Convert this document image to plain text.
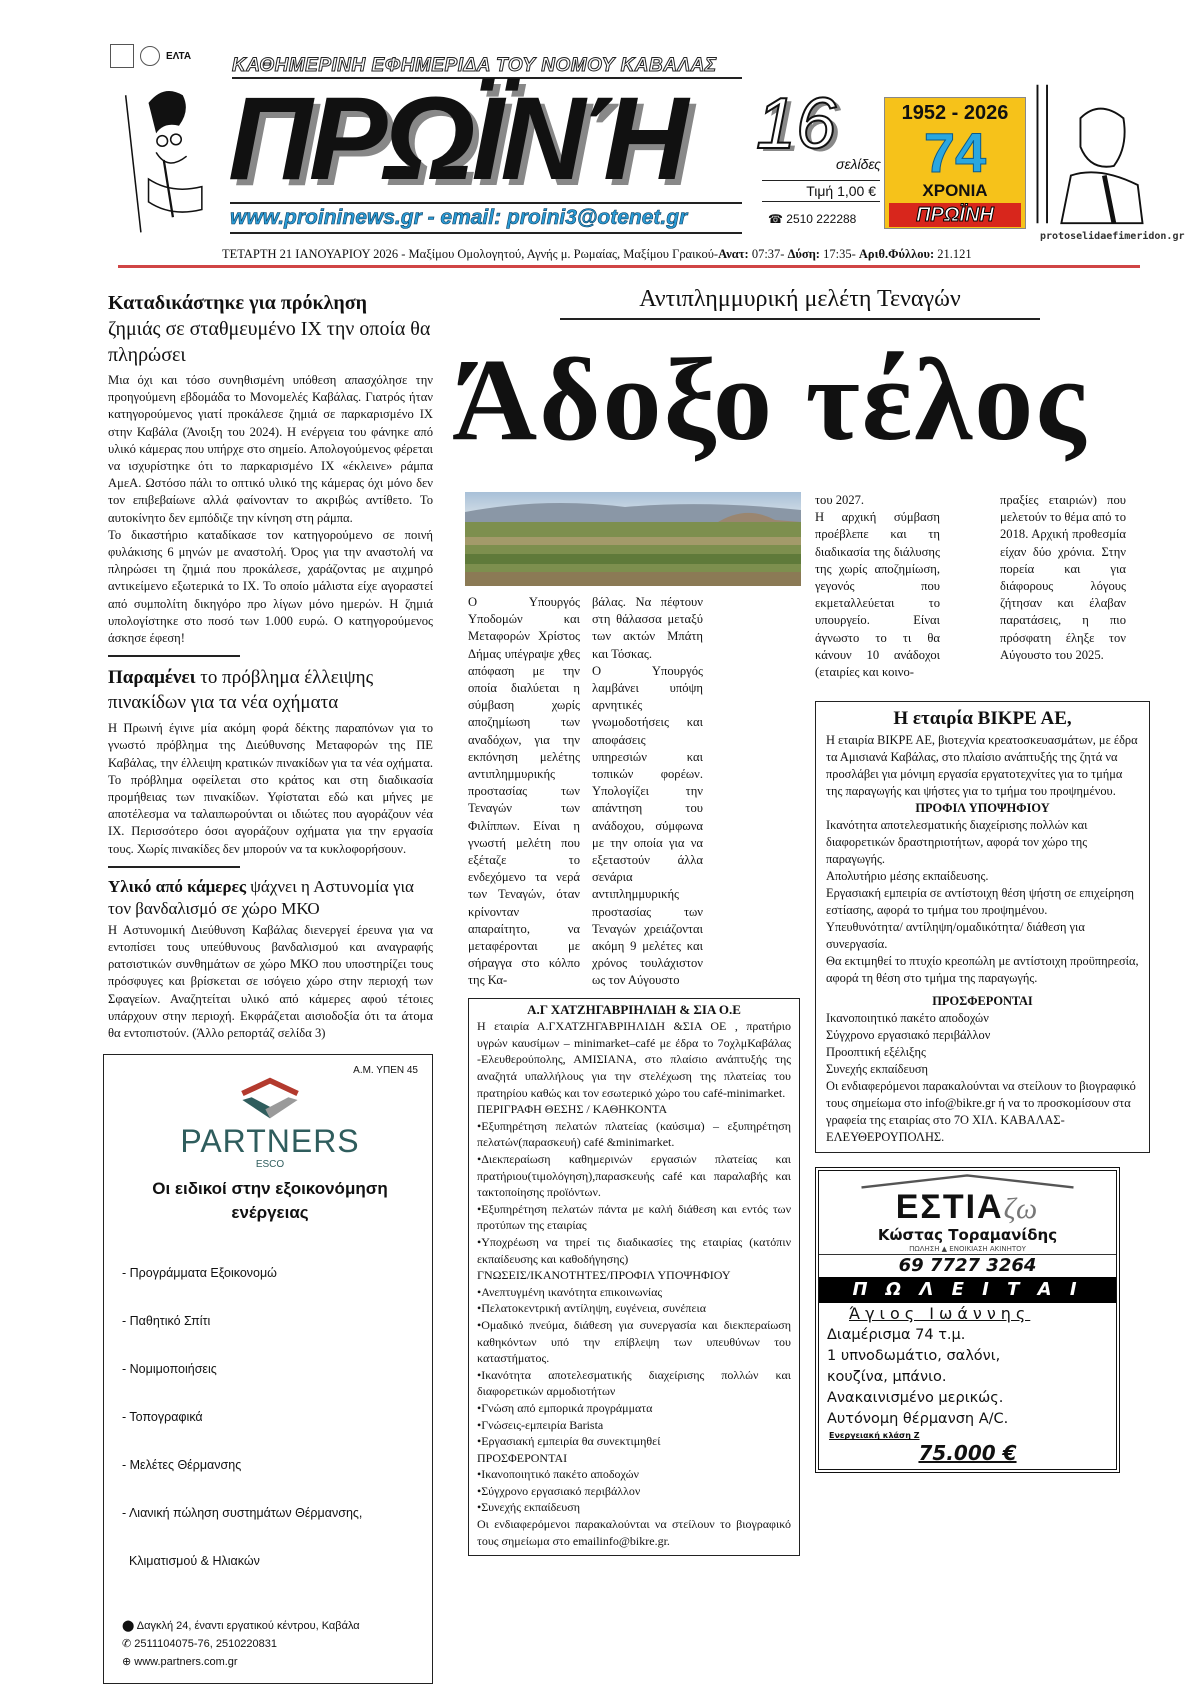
ΕΛΤΑ ΚΑΘΗΜΕΡΙΝΗ ΕΦΗΜΕΡΙΔΑ ΤΟΥ ΝΟΜΟΥ ΚΑΒΑΛΑΣ
ΠΡΩΪΝΉ
www.proininews.gr - email: proini3@otenet.gr
16 σελίδες
Τιμή 1,00 €
☎ 2510 222288
1952 - 2026
74
ΧΡΟΝΙΑ
ΠΡΩΪΝΗ
ΤΕΤΑΡΤΗ 21 ΙΑΝΟΥΑΡΙΟΥ 2026 - Μαξίμου Ομολογητού, Αγνής μ. Ρωμαίας, Μαξίμου Γραικού-Ανατ: 07:37- Δύση: 17:35- Αριθ.Φύλλου: 21.121
protoselidaefimeridon.gr
Καταδικάστηκε για πρόκληση
ζημιάς σε σταθμευμένο ΙΧ την οποία θα πληρώσει

Μια όχι και τόσο συνηθισμένη υπόθεση απασχόλησε την προηγούμενη εβδομάδα το Μονομελές Καβάλας. Γιατρός ήταν κατηγορούμενος γιατί προκάλεσε ζημιά σε παρκαρισμένο ΙΧ στην Καβάλα (Άνοιξη του 2024). Η ενέργεια του φάνηκε από υλικό κάμερας που υπήρχε στο σημείο. Απολογούμενος φέρεται να ισχυρίστηκε ότι το παρκαρισμένο ΙΧ «έκλεινε» ράμπα ΑμεΑ. Ωστόσο πάλι το οπτικό υλικό της κάμερας όχι μόνο δεν τον επιβεβαίωνε αλλά φαίνονταν το ακριβώς αντίθετο. Το αυτοκίνητο δεν εμπόδιζε την κίνηση στη ράμπα.

Το δικαστήριο καταδίκασε τον κατηγορούμενο σε ποινή φυλάκισης 6 μηνών με αναστολή. Όρος για την αναστολή να πληρώσει τη ζημιά που προκάλεσε, χαράζοντας με αιχμηρό αντικείμενο εξωτερικά το ΙΧ. Το οποίο μάλιστα είχε αγοραστεί από συμπολίτη δικηγόρο προ λίγων μόνο ημερών. Η ζημιά υπολογίστηκε στο ποσό των 1.000 ευρώ. Ο κατηγορούμενος άσκησε έφεση!

Παραμένει το πρόβλημα έλλειψης πινακίδων για τα νέα οχήματα

Η Πρωινή έγινε μία ακόμη φορά δέκτης παραπόνων για το γνωστό πρόβλημα της Διεύθυνσης Μεταφορών της ΠΕ Καβάλας, την έλλειψη κρατικών πινακίδων για τα νέα οχήματα. Το πρόβλημα οφείλεται στο κράτος και στη διαδικασία προμήθειας των πινακίδων. Υφίσταται εδώ και μήνες με αποτέλεσμα να ταλαιπωρούνται οι ιδιώτες που αγοράζουν νέα ΙΧ. Περισσότερο όσοι αγοράζουν οχήματα για την εργασία τους. Χωρίς πινακίδες δεν μπορούν να τα κυκλοφορήσουν.

Υλικό από κάμερες ψάχνει η Αστυνομία για τον βανδαλισμό σε χώρο ΜΚΟ

Η Αστυνομική Διεύθυνση Καβάλας διενεργεί έρευνα για να εντοπίσει τους υπεύθυνους βανδαλισμού και αναγραφής ρατσιστικών συνθημάτων σε χώρο ΜΚΟ που υποστηρίζει τους πρόσφυγες και βρίσκεται σε ισόγειο χώρο στην περιοχή των Σφαγείων. Αναζητείται υλικό από κάμερες αφού τέτοιες υπάρχουν στην περιοχή. Εκφράζεται αισιοδοξία ότι τα άτομα θα εντοπιστούν. (Άλλο ρεπορτάζ σελίδα 3)

Α.Μ. ΥΠΕΝ 45
PARTNERS
ESCO
Οι ειδικοί στην εξοικονόμηση ενέργειας

- Προγράμματα Εξοικονομώ

- Παθητικό Σπίτι

- Νομιμοποιήσεις

- Τοπογραφικά

- Μελέτες Θέρμανσης

- Λιανική πώληση συστημάτων Θέρμανσης,

Κλιματισμού & Ηλιακών

⬤ Δαγκλή 24, έναντι εργατικού κέντρου, Καβάλα
✆ 2511104075-76, 2510220831
⊕ www.partners.com.gr
Αντιπλημμυρική μελέτη Τεναγών
Άδοξο τέλος
Ο Υπουργός Υποδομών και Μεταφορών Χρίστος Δήμας υπέγραψε χθες απόφαση με την οποία διαλύεται η σύμβαση χωρίς αποζημίωση των αναδόχων, για την εκπόνηση μελέτης αντιπλημμυρικής προστασίας των Τεναγών των Φιλίππων. Είναι η γνωστή μελέτη που εξέταζε το ενδεχόμενο τα νερά των Τεναγών, όταν κρίνονταν απαραίτητο, να μεταφέρονται με σήραγγα στο κόλπο της Κα-

βάλας. Να πέφτουν στη θάλασσα μεταξύ των ακτών Μπάτη και Τόσκας.

Ο Υπουργός λαμβάνει υπόψη αρνητικές γνωμοδοτήσεις και αποφάσεις υπηρεσιών και τοπικών φορέων. Υπολογίζει την απάντηση του ανάδοχου, σύμφωνα με την οποία για να εξεταστούν άλλα σενάρια αντιπλημμυρικής προστασίας των Τεναγών χρειάζονται ακόμη 9 μελέτες και χρόνος τουλάχιστον ως τον Αύγουστο

Α.Γ ΧΑΤΖΗΓΑΒΡΙΗΛΙΔΗ & ΣΙΑ Ο.Ε
Η εταιρία Α.ΓΧΑΤΖΗΓΑΒΡΙΗΛΙΔΗ &ΣΙΑ ΟΕ , πρατήριο υγρών καυσίμων – minimarket–café με έδρα το 7οχλμΚαβάλας -Ελευθερούπολης, ΑΜΙΣΙΑΝΑ, στο πλαίσιο ανάπτυξής της αναζητά υπαλλήλους για την στελέχωση της πλατείας του πρατηρίου καθώς και τον εσωτερικό χώρο του café-minimarket.
ΠΕΡΙΓΡΑΦΗ ΘΕΣΗΣ / ΚΑΘΗΚΟΝΤΑ
•Εξυπηρέτηση πελατών πλατείας (καύσιμα) – εξυπηρέτηση πελατών(παρασκευή) café &minimarket.
•Διεκπεραίωση καθημερινών εργασιών πλατείας και πρατήριου(τιμολόγηση),παρασκευής café και παραλαβής και τακτοποίησης προϊόντων.
•Εξυπηρέτηση πελατών πάντα με καλή διάθεση και εντός των προτύπων της εταιρίας
•Υποχρέωση να τηρεί τις διαδικασίες της εταιρίας (κατόπιν εκπαίδευσης και καθοδήγησης)
ΓΝΩΣΕΙΣ/ΙΚΑΝΟΤΗΤΕΣ/ΠΡΟΦΙΛ ΥΠΟΨΗΦΙΟΥ
•Ανεπτυγμένη ικανότητα επικοινωνίας
•Πελατοκεντρική αντίληψη, ευγένεια, συνέπεια
•Ομαδικό πνεύμα, διάθεση για συνεργασία και διεκπεραίωση καθηκόντων υπό την επίβλεψη των υπευθύνων του καταστήματος.
•Ικανότητα αποτελεσματικής διαχείρισης πολλών και διαφορετικών αρμοδιοτήτων
•Γνώση από εμπορικά προγράμματα
•Γνώσεις-εμπειρία Barista
•Εργασιακή εμπειρία θα συνεκτιμηθεί
ΠΡΟΣΦΕΡΟΝΤΑΙ
•Ικανοποιητικό πακέτο αποδοχών
•Σύγχρονο εργασιακό περιβάλλον
•Συνεχής εκπαίδευση
Οι ενδιαφερόμενοι παρακαλούνται να στείλουν το βιογραφικό τους σημείωμα στο emailinfo@bikre.gr.

του 2027.

Η αρχική σύμβαση προέβλεπε και τη διαδικασία της διάλυσης της χωρίς αποζημίωση, γεγονός που εκμεταλλεύεται το υπουργείο. Είναι άγνωστο το τι θα κάνουν 10 ανάδοχοι (εταιρίες και κοινο-

πραξίες εταιριών) που μελετούν το θέμα από το 2018. Αρχική προθεσμία είχαν δύο χρόνια. Στην πορεία και για διάφορους λόγους ζήτησαν και έλαβαν παρατάσεις, η πιο πρόσφατη έληξε τον Αύγουστο του 2025.
Η εταιρία ΒΙΚΡΕ ΑΕ,
Η εταιρία ΒΙΚΡΕ ΑΕ, βιοτεχνία κρεατοσκευασμάτων, με έδρα τα Αμισιανά Καβάλας, στο πλαίσιο ανάπτυξής της ζητά να προσλάβει για μόνιμη εργασία εργατοτεχνίτες για το τμήμα της παραγωγής και ψήστες για το τμήμα του προψημένου.
ΠΡΟΦΙΛ ΥΠΟΨΗΦΙΟΥ
Ικανότητα αποτελεσματικής διαχείρισης πολλών και διαφορετικών δραστηριοτήτων, αφορά τον χώρο της παραγωγής.
Απολυτήριο μέσης εκπαίδευσης.
Εργασιακή εμπειρία σε αντίστοιχη θέση ψήστη σε επιχείρηση εστίασης, αφορά το τμήμα του προψημένου.
Υπευθυνότητα/ αντίληψη/ομαδικότητα/ διάθεση για συνεργασία.
Θα εκτιμηθεί το πτυχίο κρεοπώλη με αντίστοιχη προϋπηρεσία, αφορά τη θέση στο τμήμα της παραγωγής.
ΠΡΟΣΦΕΡΟΝΤΑΙ
Ικανοποιητικό πακέτο αποδοχών
Σύγχρονο εργασιακό περιβάλλον
Προοπτική εξέλιξης
Συνεχής εκπαίδευση
Οι ενδιαφερόμενοι παρακαλούνται να στείλουν το βιογραφικό τους σημείωμα στο info@bikre.gr ή να το προσκομίσουν στα γραφεία της εταιρίας στο 7Ο ΧΙΛ. ΚΑΒΑΛΑΣ- ΕΛΕΥΘΕΡΟΥΠΟΛΗΣ.
ΕΣΤΙΑζω
Κώστας Τοραμανίδης
ΠΩΛΗΣΗ ▲ ΕΝΟΙΚΙΑΣΗ ΑΚΙΝΗΤΟΥ
69 7727 3264
Π Ω Λ Ε Ι Τ Α Ι
Άγιος Ιωάννης
Διαμέρισμα 74 τ.μ.
1 υπνοδωμάτιο, σαλόνι,
κουζίνα, μπάνιο.
Ανακαινισμένο μερικώς.
Αυτόνομη θέρμανση A/C.
Ενεργειακή κλάση Ζ
75.000 €
